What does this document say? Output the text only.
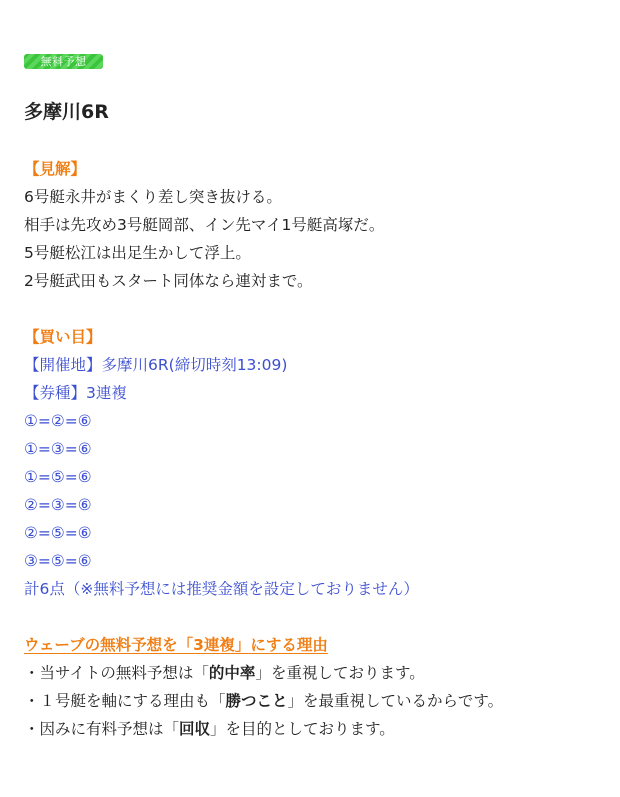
無料予想
多摩川6R
【見解】
6号艇永井がまくり差し突き抜ける。
相手は先攻め3号艇岡部、イン先マイ1号艇高塚だ。
5号艇松江は出足生かして浮上。
2号艇武田もスタート同体なら連対まで。
【買い目】
【開催地】多摩川6R(締切時刻13:09)
【券種】3連複
①=②=⑥
①=③=⑥
①=⑤=⑥
②=③=⑥
②=⑤=⑥
③=⑤=⑥
計6点（※無料予想には推奨金額を設定しておりません）
ウェーブの無料予想を「3連複」にする理由
・当サイトの無料予想は「的中率」を重視しております。
・１号艇を軸にする理由も「勝つこと」を最重視しているからです。
・因みに有料予想は「回収」を目的としております。
